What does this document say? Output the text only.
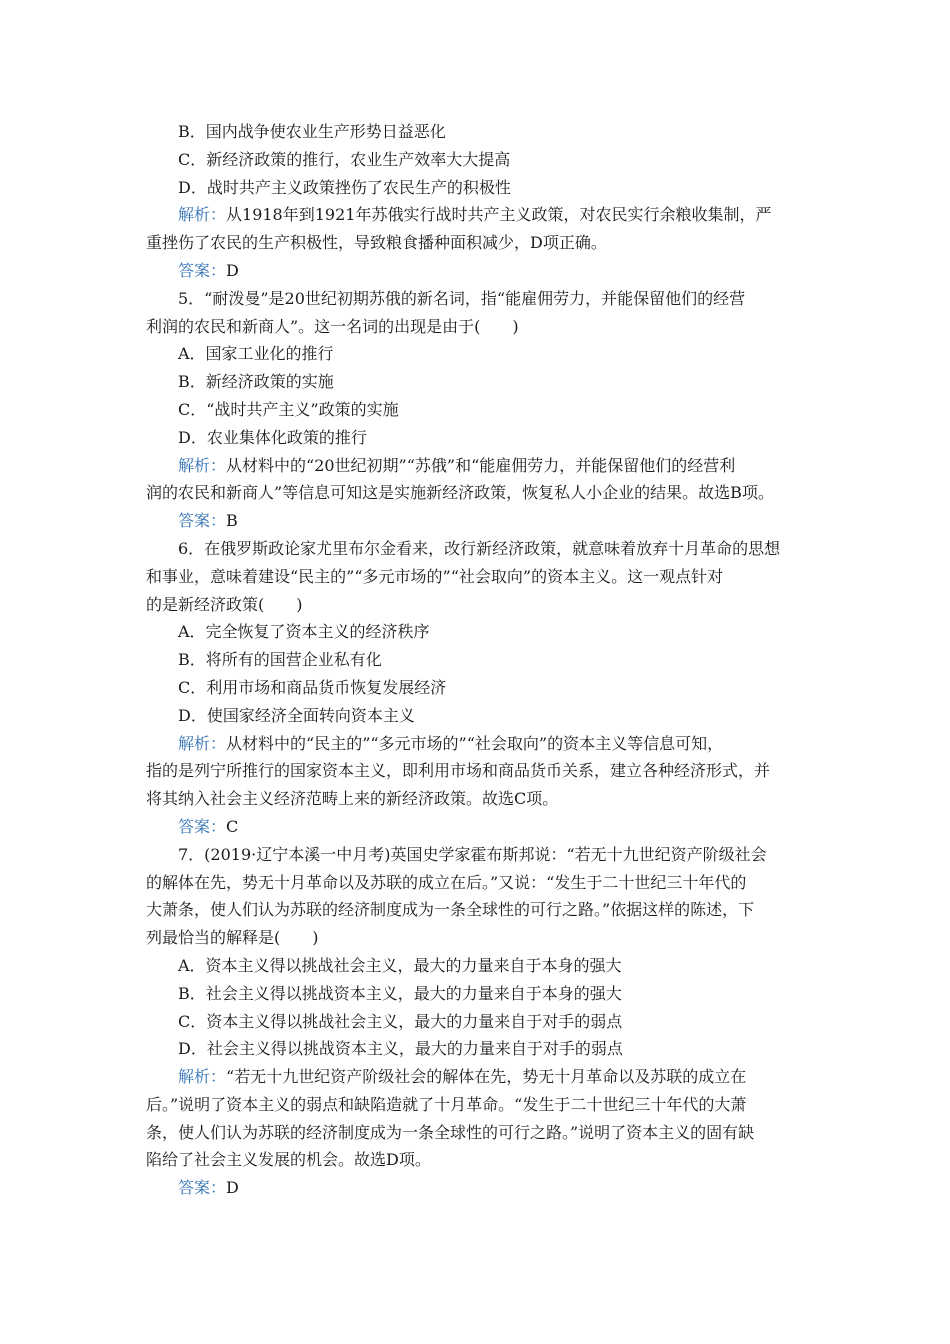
B．国内战争使农业生产形势日益恶化
C．新经济政策的推行，农业生产效率大大提高
D．战时共产主义政策挫伤了农民生产的积极性
解析：从1918年到1921年苏俄实行战时共产主义政策，对农民实行余粮收集制，严
重挫伤了农民的生产积极性，导致粮食播种面积减少，D项正确。
答案：D
5．“耐泼曼”是20世纪初期苏俄的新名词，指“能雇佣劳力，并能保留他们的经营
利润的农民和新商人”。这一名词的出现是由于(　　)
A．国家工业化的推行
B．新经济政策的实施
C．“战时共产主义”政策的实施
D．农业集体化政策的推行
解析：从材料中的“20世纪初期”“苏俄”和“能雇佣劳力，并能保留他们的经营利
润的农民和新商人”等信息可知这是实施新经济政策，恢复私人小企业的结果。故选B项。
答案：B
6．在俄罗斯政论家尤里布尔金看来，改行新经济政策，就意味着放弃十月革命的思想
和事业，意味着建设“民主的”“多元市场的”“社会取向”的资本主义。这一观点针对
的是新经济政策(　　)
A．完全恢复了资本主义的经济秩序
B．将所有的国营企业私有化
C．利用市场和商品货币恢复发展经济
D．使国家经济全面转向资本主义
解析：从材料中的“民主的”“多元市场的”“社会取向”的资本主义等信息可知，
指的是列宁所推行的国家资本主义，即利用市场和商品货币关系，建立各种经济形式，并
将其纳入社会主义经济范畴上来的新经济政策。故选C项。
答案：C
7．(2019·辽宁本溪一中月考)英国史学家霍布斯邦说：“若无十九世纪资产阶级社会
的解体在先，势无十月革命以及苏联的成立在后。”又说：“发生于二十世纪三十年代的
大萧条，使人们认为苏联的经济制度成为一条全球性的可行之路。”依据这样的陈述，下
列最恰当的解释是(　　)
A．资本主义得以挑战社会主义，最大的力量来自于本身的强大
B．社会主义得以挑战资本主义，最大的力量来自于本身的强大
C．资本主义得以挑战社会主义，最大的力量来自于对手的弱点
D．社会主义得以挑战资本主义，最大的力量来自于对手的弱点
解析：“若无十九世纪资产阶级社会的解体在先，势无十月革命以及苏联的成立在
后。”说明了资本主义的弱点和缺陷造就了十月革命。“发生于二十世纪三十年代的大萧
条，使人们认为苏联的经济制度成为一条全球性的可行之路。”说明了资本主义的固有缺
陷给了社会主义发展的机会。故选D项。
答案：D
